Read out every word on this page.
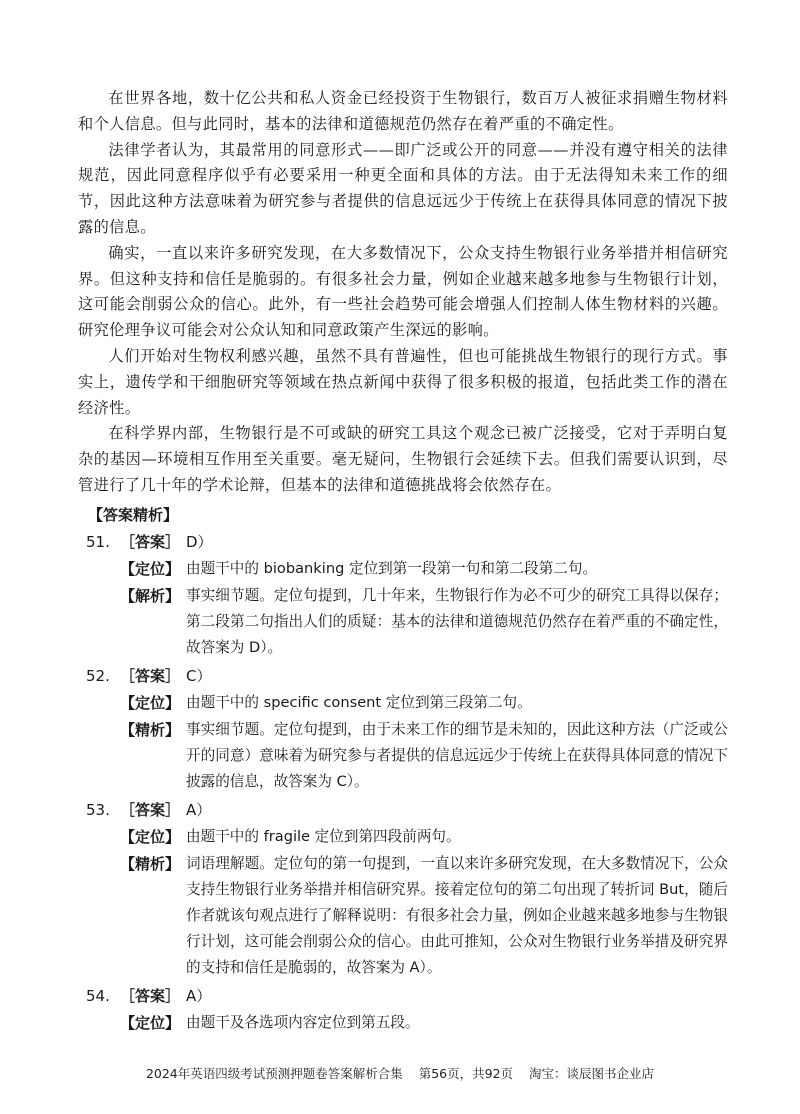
在世界各地，数十亿公共和私人资金已经投资于生物银行，数百万人被征求捐赠生物材料和个人信息。但与此同时，基本的法律和道德规范仍然存在着严重的不确定性。

法律学者认为，其最常用的同意形式——即广泛或公开的同意——并没有遵守相关的法律规范，因此同意程序似乎有必要采用一种更全面和具体的方法。由于无法得知未来工作的细节，因此这种方法意味着为研究参与者提供的信息远远少于传统上在获得具体同意的情况下披露的信息。

确实，一直以来许多研究发现，在大多数情况下，公众支持生物银行业务举措并相信研究界。但这种支持和信任是脆弱的。有很多社会力量，例如企业越来越多地参与生物银行计划，这可能会削弱公众的信心。此外，有一些社会趋势可能会增强人们控制人体生物材料的兴趣。研究伦理争议可能会对公众认知和同意政策产生深远的影响。

人们开始对生物权利感兴趣，虽然不具有普遍性，但也可能挑战生物银行的现行方式。事实上，遗传学和干细胞研究等领域在热点新闻中获得了很多积极的报道，包括此类工作的潜在经济性。

在科学界内部，生物银行是不可或缺的研究工具这个观念已被广泛接受，它对于弄明白复杂的基因—环境相互作用至关重要。毫无疑问，生物银行会延续下去。但我们需要认识到，尽管进行了几十年的学术论辩，但基本的法律和道德挑战将会依然存在。

【答案精析】
51. ［答案］ D）
【定位】 由题干中的 biobanking 定位到第一段第一句和第二段第二句。
【解析】 事实细节题。定位句提到，几十年来，生物银行作为必不可少的研究工具得以保存；第二段第二句指出人们的质疑：基本的法律和道德规范仍然存在着严重的不确定性，故答案为 D）。
52. ［答案］ C）
【定位】 由题干中的 specific consent 定位到第三段第二句。
【精析】 事实细节题。定位句提到，由于未来工作的细节是未知的，因此这种方法（广泛或公开的同意）意味着为研究参与者提供的信息远远少于传统上在获得具体同意的情况下披露的信息，故答案为 C）。
53. ［答案］ A）
【定位】 由题干中的 fragile 定位到第四段前两句。
【精析】 词语理解题。定位句的第一句提到，一直以来许多研究发现，在大多数情况下，公众支持生物银行业务举措并相信研究界。接着定位句的第二句出现了转折词 But，随后作者就该句观点进行了解释说明：有很多社会力量，例如企业越来越多地参与生物银行计划，这可能会削弱公众的信心。由此可推知，公众对生物银行业务举措及研究界的支持和信任是脆弱的，故答案为 A）。
54. ［答案］ A）
【定位】 由题干及各选项内容定位到第五段。
2024年英语四级考试预测押题卷答案解析合集 第56页，共92页 淘宝：谈辰图书企业店
